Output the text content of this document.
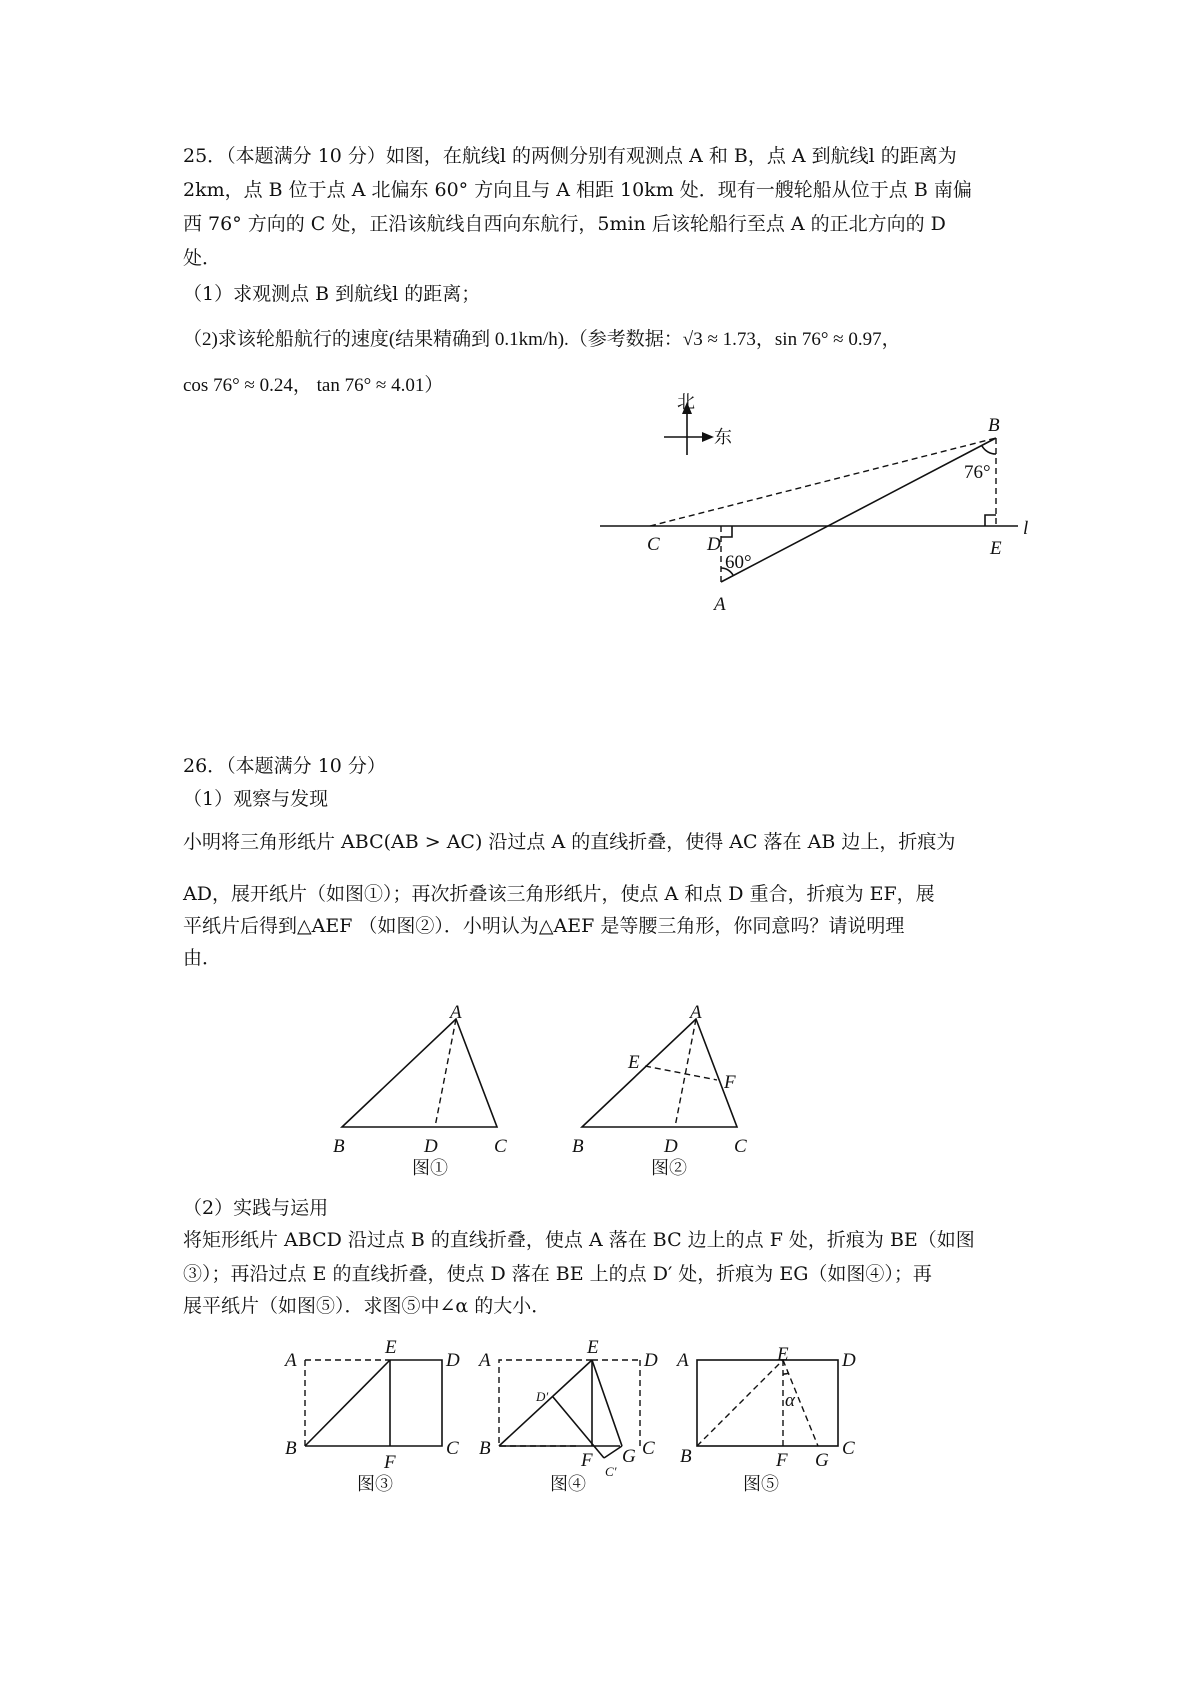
25．（本题满分 10 分）如图，在航线l 的两侧分别有观测点 A 和 B，点 A 到航线l 的距离为
2km，点 B 位于点 A 北偏东 60° 方向且与 A 相距 10km 处．现有一艘轮船从位于点 B 南偏
西 76° 方向的 C 处，正沿该航线自西向东航行，5min 后该轮船行至点 A 的正北方向的 D
处．
（1）求观测点 B 到航线l 的距离；
（2)求该轮船航行的速度(结果精确到 0.1km/h).（参考数据：√3 ≈ 1.73，sin 76° ≈ 0.97，
cos 76° ≈ 0.24， tan 76° ≈ 4.01）
北
东
B
76°
C D
60°
A
E
l
26．（本题满分 10 分）
（1）观察与发现
小明将三角形纸片 ABC(AB > AC) 沿过点 A 的直线折叠，使得 AC 落在 AB 边上，折痕为
AD，展开纸片（如图①）；再次折叠该三角形纸片，使点 A 和点 D 重合，折痕为 EF，展
平纸片后得到△AEF （如图②）．小明认为△AEF 是等腰三角形，你同意吗？请说明理
由．
A
B	D	C
图①
A
E
F
B	D	C
图②
（2）实践与运用
将矩形纸片 ABCD 沿过点 B 的直线折叠，使点 A 落在 BC 边上的点 F 处，折痕为 BE（如图
③）；再沿过点 E 的直线折叠，使点 D 落在 BE 上的点 D′ 处，折痕为 EG（如图④）；再
展平纸片（如图⑤）．求图⑤中∠α 的大小．
A
E
D
B
F
C
图③
A
E
D
D′
B
F G C
C′
图④
A	E	D
α
B	F G
C
图⑤
